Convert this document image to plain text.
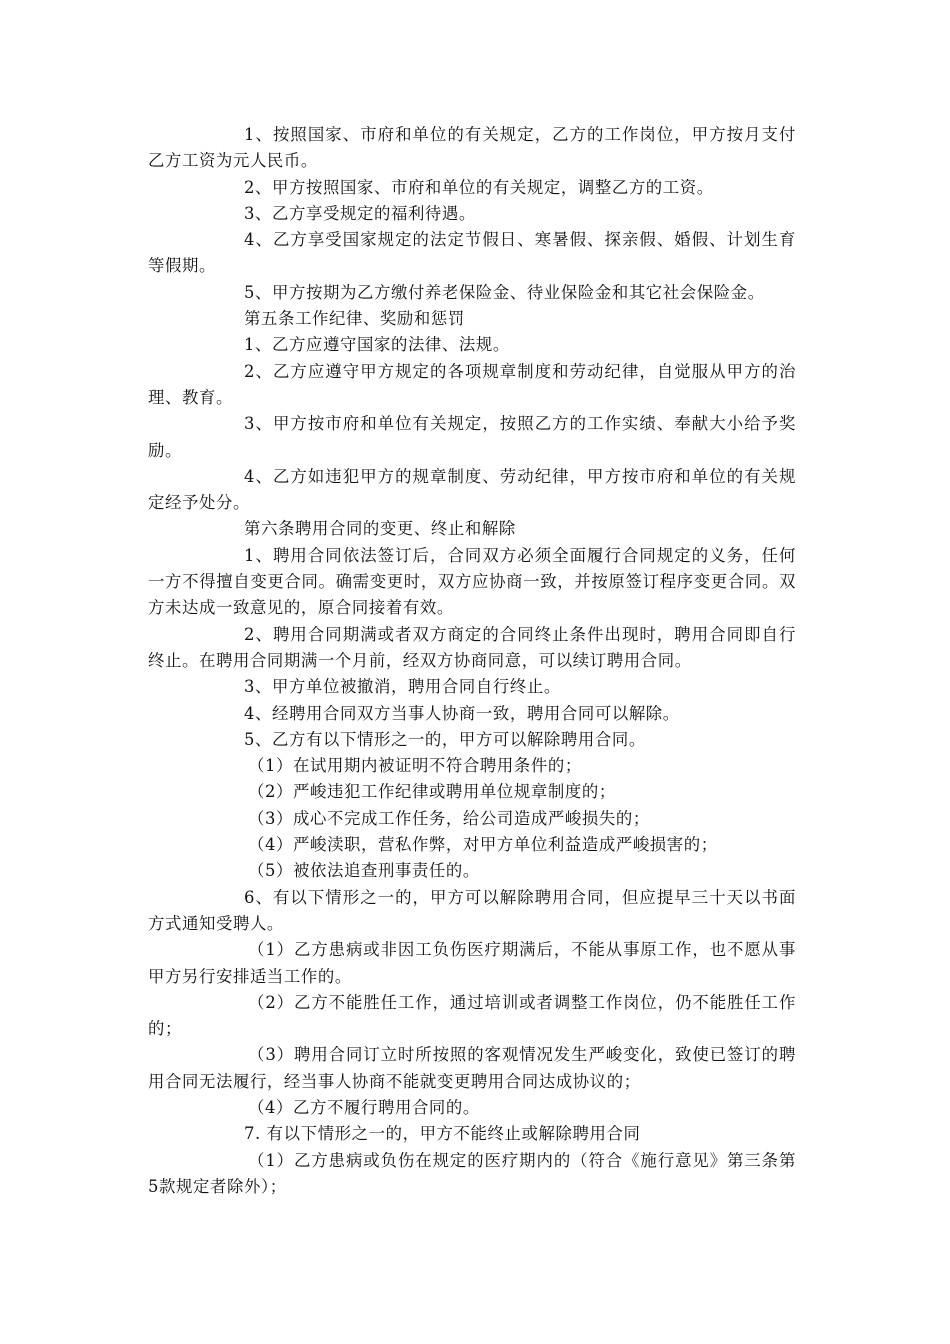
1、按照国家、市府和单位的有关规定，乙方的工作岗位，甲方按月支付乙方工资为元人民币。

2、甲方按照国家、市府和单位的有关规定，调整乙方的工资。

3、乙方享受规定的福利待遇。

4、乙方享受国家规定的法定节假日、寒暑假、探亲假、婚假、计划生育等假期。

5、甲方按期为乙方缴付养老保险金、待业保险金和其它社会保险金。

第五条工作纪律、奖励和惩罚

1、乙方应遵守国家的法律、法规。

2、乙方应遵守甲方规定的各项规章制度和劳动纪律，自觉服从甲方的治理、教育。

3、甲方按市府和单位有关规定，按照乙方的工作实绩、奉献大小给予奖励。

4、乙方如违犯甲方的规章制度、劳动纪律，甲方按市府和单位的有关规定经予处分。

第六条聘用合同的变更、终止和解除

1、聘用合同依法签订后，合同双方必须全面履行合同规定的义务，任何一方不得擅自变更合同。确需变更时，双方应协商一致，并按原签订程序变更合同。双方未达成一致意见的，原合同接着有效。

2、聘用合同期满或者双方商定的合同终止条件出现时，聘用合同即自行终止。在聘用合同期满一个月前，经双方协商同意，可以续订聘用合同。

3、甲方单位被撤消，聘用合同自行终止。

4、经聘用合同双方当事人协商一致，聘用合同可以解除。

5、乙方有以下情形之一的，甲方可以解除聘用合同。

（1）在试用期内被证明不符合聘用条件的；

（2）严峻违犯工作纪律或聘用单位规章制度的；

（3）成心不完成工作任务，给公司造成严峻损失的；

（4）严峻渎职，营私作弊，对甲方单位利益造成严峻损害的；

（5）被依法追查刑事责任的。

6、有以下情形之一的，甲方可以解除聘用合同，但应提早三十天以书面方式通知受聘人。

（1）乙方患病或非因工负伤医疗期满后，不能从事原工作，也不愿从事甲方另行安排适当工作的。

（2）乙方不能胜任工作，通过培训或者调整工作岗位，仍不能胜任工作的；

（3）聘用合同订立时所按照的客观情况发生严峻变化，致使已签订的聘用合同无法履行，经当事人协商不能就变更聘用合同达成协议的；

（4）乙方不履行聘用合同的。

7. 有以下情形之一的，甲方不能终止或解除聘用合同

（1）乙方患病或负伤在规定的医疗期内的（符合《施行意见》第三条第5款规定者除外）；
